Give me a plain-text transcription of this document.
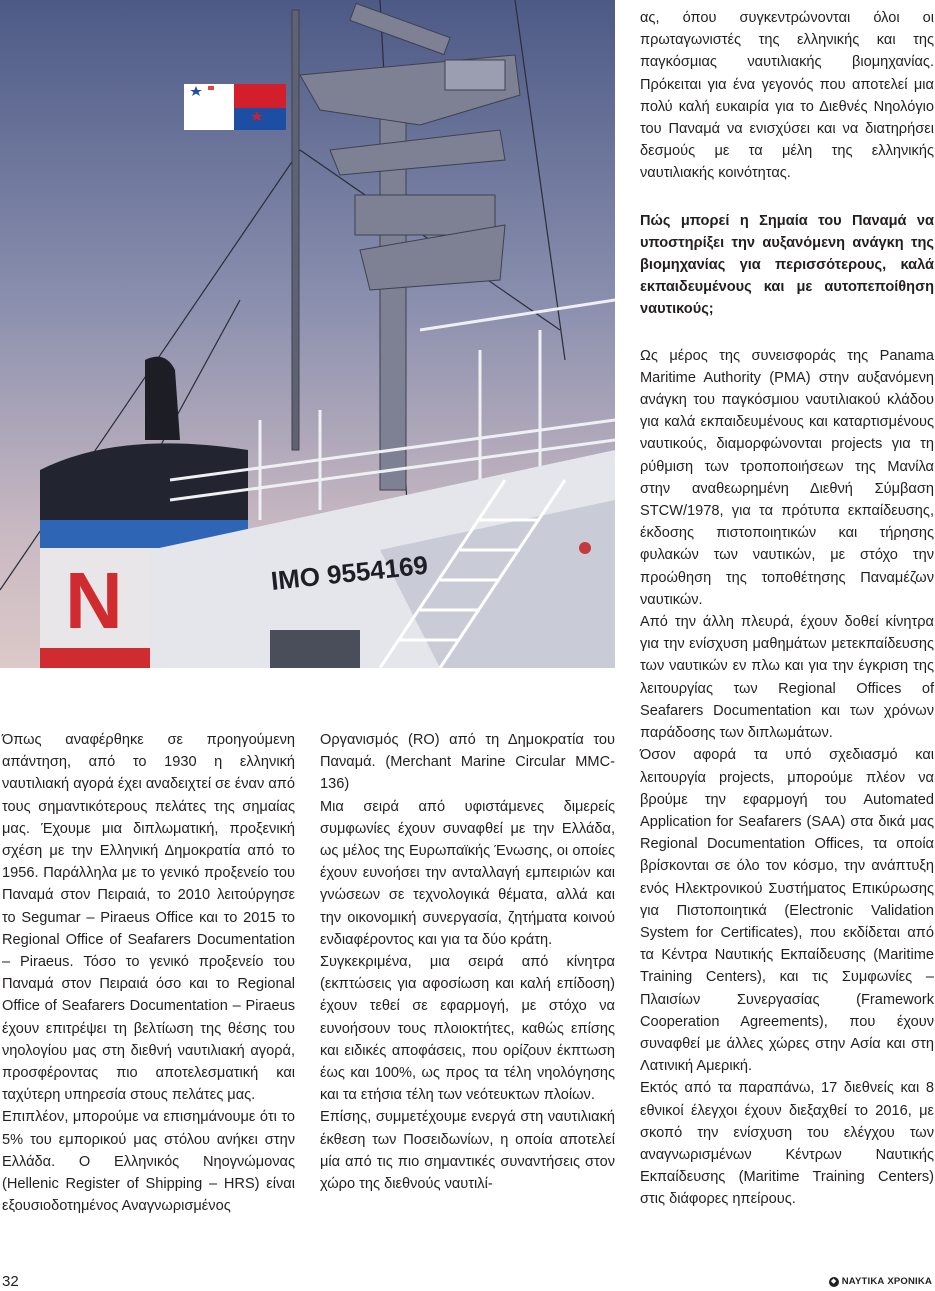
N	IMO 9554169

Όπως αναφέρθηκε σε προηγούμενη απάντηση, από το 1930 η ελληνική ναυτιλιακή αγορά έχει αναδειχτεί σε έναν από τους σημαντικότερους πελάτες της σημαίας μας. Έχουμε μια διπλωματική, προξενική σχέση με την Ελληνική Δημοκρατία από το 1956. Παράλληλα με το γενικό προξενείο του Παναμά στον Πειραιά, το 2010 λειτούργησε το Segumar – Piraeus Office και το 2015 το Regional Office of Seafarers Documentation – Piraeus. Τόσο το γενικό προξενείο του Παναμά στον Πειραιά όσο και το Regional Office of Seafarers Documentation – Piraeus έχουν επιτρέψει τη βελτίωση της θέσης του νηολογίου μας στη διεθνή ναυτιλιακή αγορά, προσφέροντας πιο αποτελεσματική και ταχύτερη υπηρεσία στους πελάτες μας.

Επιπλέον, μπορούμε να επισημάνουμε ότι το 5% του εμπορικού μας στόλου ανήκει στην Ελλάδα. Ο Ελληνικός Νηογνώμονας (Hellenic Register of Shipping – HRS) είναι εξουσιοδοτημένος Αναγνωρισμένος

Οργανισμός (RO) από τη Δημοκρατία του Παναμά. (Merchant Marine Circular MMC-136)

Μια σειρά από υφιστάμενες διμερείς συμφωνίες έχουν συναφθεί με την Ελλάδα, ως μέλος της Ευρωπαϊκής Ένωσης, οι οποίες έχουν ευνοήσει την ανταλλαγή εμπειριών και γνώσεων σε τεχνολογικά θέματα, αλλά και την οικονομική συνεργασία, ζητήματα κοινού ενδιαφέροντος και για τα δύο κράτη.

Συγκεκριμένα, μια σειρά από κίνητρα (εκπτώσεις για αφοσίωση και καλή επίδοση) έχουν τεθεί σε εφαρμογή, με στόχο να ευνοήσουν τους πλοιοκτήτες, καθώς επίσης και ειδικές αποφάσεις, που ορίζουν έκπτωση έως και 100%, ως προς τα τέλη νηολόγησης και τα ετήσια τέλη των νεότευκτων πλοίων.

Επίσης, συμμετέχουμε ενεργά στη ναυτιλιακή έκθεση των Ποσειδωνίων, η οποία αποτελεί μία από τις πιο σημαντικές συναντήσεις στον χώρο της διεθνούς ναυτιλί-

ας, όπου συγκεντρώνονται όλοι οι πρωταγωνιστές της ελληνικής και της παγκόσμιας ναυτιλιακής βιομηχανίας. Πρόκειται για ένα γεγονός που αποτελεί μια πολύ καλή ευκαιρία για το Διεθνές Νηολόγιο του Παναμά να ενισχύσει και να διατηρήσει δεσμούς με τα μέλη της ελληνικής ναυτιλιακής κοινότητας.

Πώς μπορεί η Σημαία του Παναμά να υποστηρίξει την αυξανόμενη ανάγκη της βιομηχανίας για περισσότερους, καλά εκπαιδευμένους και με αυτοπεποίθηση ναυτικούς;

Ως μέρος της συνεισφοράς της Panama Maritime Authority (PMA) στην αυξανόμενη ανάγκη του παγκόσμιου ναυτιλιακού κλάδου για καλά εκπαιδευμένους και καταρτισμένους ναυτικούς, διαμορφώνονται projects για τη ρύθμιση των τροποποιήσεων της Μανίλα στην αναθεωρημένη Διεθνή Σύμβαση STCW/1978, για τα πρότυπα εκπαίδευσης, έκδοσης πιστοποιητικών και τήρησης φυλακών των ναυτικών, με στόχο την προώθηση της τοποθέτησης Παναμέζων ναυτικών.

Από την άλλη πλευρά, έχουν δοθεί κίνητρα για την ενίσχυση μαθημάτων μετεκπαίδευσης των ναυτικών εν πλω και για την έγκριση της λειτουργίας των Regional Offices of Seafarers Documentation και των χρόνων παράδοσης των διπλωμάτων.

Όσον αφορά τα υπό σχεδιασμό και λειτουργία projects, μπορούμε πλέον να βρούμε την εφαρμογή του Automated Application for Seafarers (SAA) στα δικά μας Regional Documentation Offices, τα οποία βρίσκονται σε όλο τον κόσμο, την ανάπτυξη ενός Ηλεκτρονικού Συστήματος Επικύρωσης για Πιστοποιητικά (Electronic Validation System for Certificates), που εκδίδεται από τα Κέντρα Ναυτικής Εκπαίδευσης (Maritime Training Centers), και τις Συμφωνίες – Πλαισίων Συνεργασίας (Framework Cooperation Agreements), που έχουν συναφθεί με άλλες χώρες στην Ασία και στη Λατινική Αμερική.

Εκτός από τα παραπάνω, 17 διεθνείς και 8 εθνικοί έλεγχοι έχουν διεξαχθεί το 2016, με σκοπό την ενίσχυση του ελέγχου των αναγνωρισμένων Κέντρων Ναυτικής Εκπαίδευσης (Maritime Training Centers) στις διάφορες ηπείρους.

32	◆ ΝΑΥΤΙΚΑ ΧΡΟΝΙΚΑ
